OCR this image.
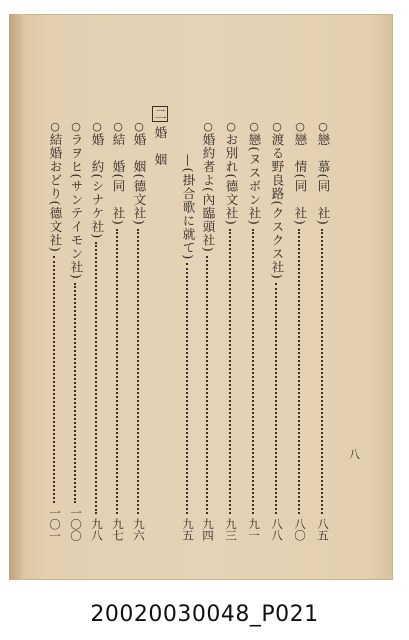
八
○
戀　慕(同　社)
八五
○
戀　情(同　社)
八〇
○
渡る野良路(クスクス社)
八八
○
戀(ヌスボン社)
九一
○
お別れ(德文社)
九三
○
婚約者よ(內臨頭社)
九四
—(掛合歌に就て)
九五
二
婚　姻
○
婚　姻(德文社)
九六
○
結　婚(同　社)
九七
○
婚　約(シナケ社)
九八
○
ラヲヒ(サンテイモン社)
一〇〇
○
結婚おどり(德文社)
一〇一
20020030048_P021
